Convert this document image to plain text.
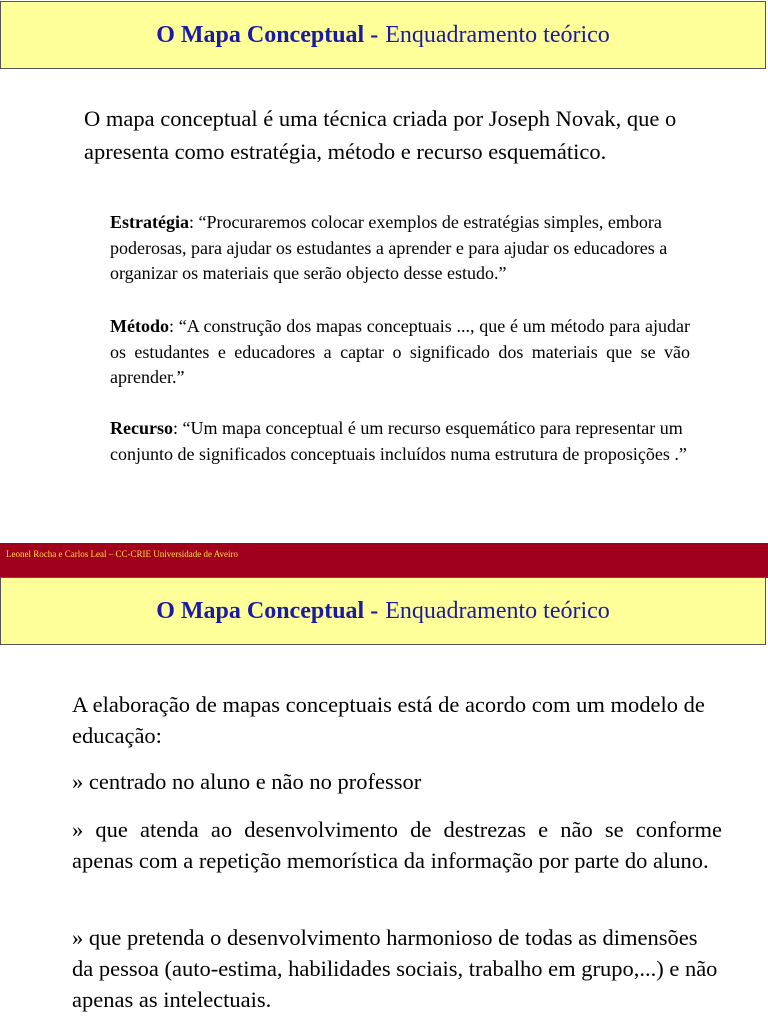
O Mapa Conceptual - Enquadramento teórico
O mapa conceptual é uma técnica criada por Joseph Novak, que o apresenta como estratégia, método e recurso esquemático.
Estratégia: “Procuraremos colocar exemplos de estratégias simples, embora poderosas, para ajudar os estudantes a aprender e para ajudar os educadores a organizar os materiais que serão objecto desse estudo.”
Método: “A construção dos mapas conceptuais ..., que é um método para ajudar os estudantes e educadores a captar o significado dos materiais que se vão aprender.”
Recurso: “Um mapa conceptual é um recurso esquemático para representar um conjunto de significados conceptuais incluídos numa estrutura de proposições .”
Leonel Rocha e Carlos Leal – CC-CRIE Universidade de Aveiro
O Mapa Conceptual - Enquadramento teórico
A elaboração de mapas conceptuais está de acordo com um modelo de educação:
» centrado no aluno e não no professor
» que atenda ao desenvolvimento de destrezas e não se conforme apenas com a repetição memorística da informação por parte do aluno.
» que pretenda o desenvolvimento harmonioso de todas as dimensões da pessoa (auto-estima, habilidades sociais, trabalho em grupo,...) e não apenas as intelectuais.
